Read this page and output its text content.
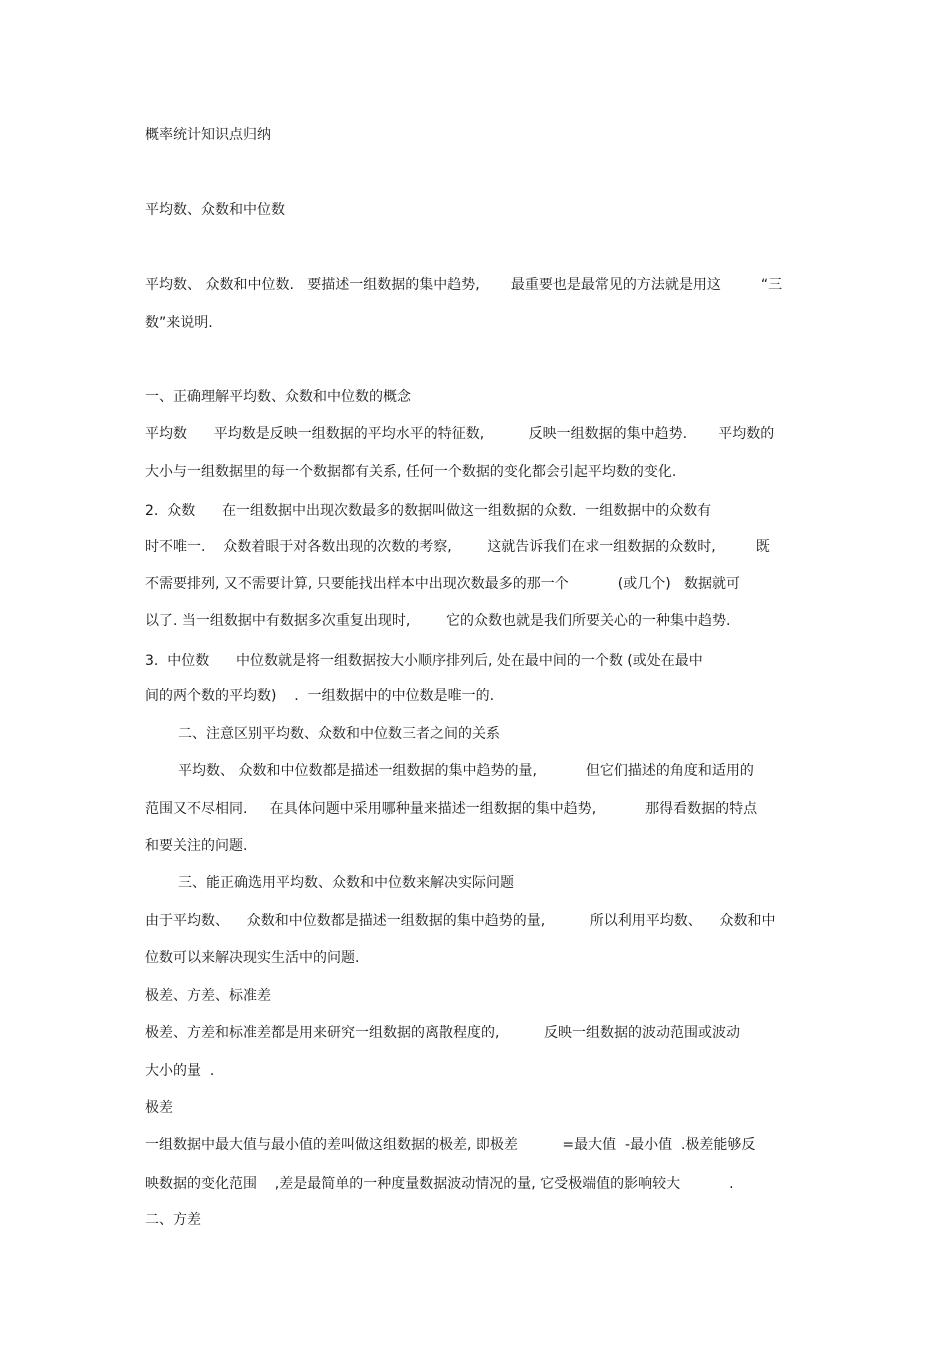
概率统计知识点归纳
平均数、众数和中位数
平均数、 众数和中位数.   要描述一组数据的集中趋势,       最重要也是最常见的方法就是用这         “三
数”来说明.
一、正确理解平均数、众数和中位数的概念
平均数      平均数是反映一组数据的平均水平的特征数,          反映一组数据的集中趋势.       平均数的
大小与一组数据里的每一个数据都有关系, 任何一个数据的变化都会引起平均数的变化.
2.  众数      在一组数据中出现次数最多的数据叫做这一组数据的众数.  一组数据中的众数有
时不唯一.    众数着眼于对各数出现的次数的考察,        这就告诉我们在求一组数据的众数时,         既
不需要排列, 又不需要计算, 只要能找出样本中出现次数最多的那一个           (或几个)   数据就可
以了. 当一组数据中有数据多次重复出现时,        它的众数也就是我们所要关心的一种集中趋势.
3.  中位数      中位数就是将一组数据按大小顺序排列后, 处在最中间的一个数 (或处在最中
间的两个数的平均数)    .  一组数据中的中位数是唯一的.
二、注意区别平均数、众数和中位数三者之间的关系
平均数、 众数和中位数都是描述一组数据的集中趋势的量,           但它们描述的角度和适用的
范围又不尽相同.     在具体问题中采用哪种量来描述一组数据的集中趋势,           那得看数据的特点
和要关注的问题.
三、能正确选用平均数、众数和中位数来解决实际问题
由于平均数、    众数和中位数都是描述一组数据的集中趋势的量,          所以利用平均数、    众数和中
位数可以来解决现实生活中的问题.
极差、方差、标准差
极差、方差和标准差都是用来研究一组数据的离散程度的,          反映一组数据的波动范围或波动
大小的量  .
极差
一组数据中最大值与最小值的差叫做这组数据的极差, 即极差          =最大值  -最小值  .极差能够反
映数据的变化范围    ,差是最简单的一种度量数据波动情况的量, 它受极端值的影响较大           .
二、方差
